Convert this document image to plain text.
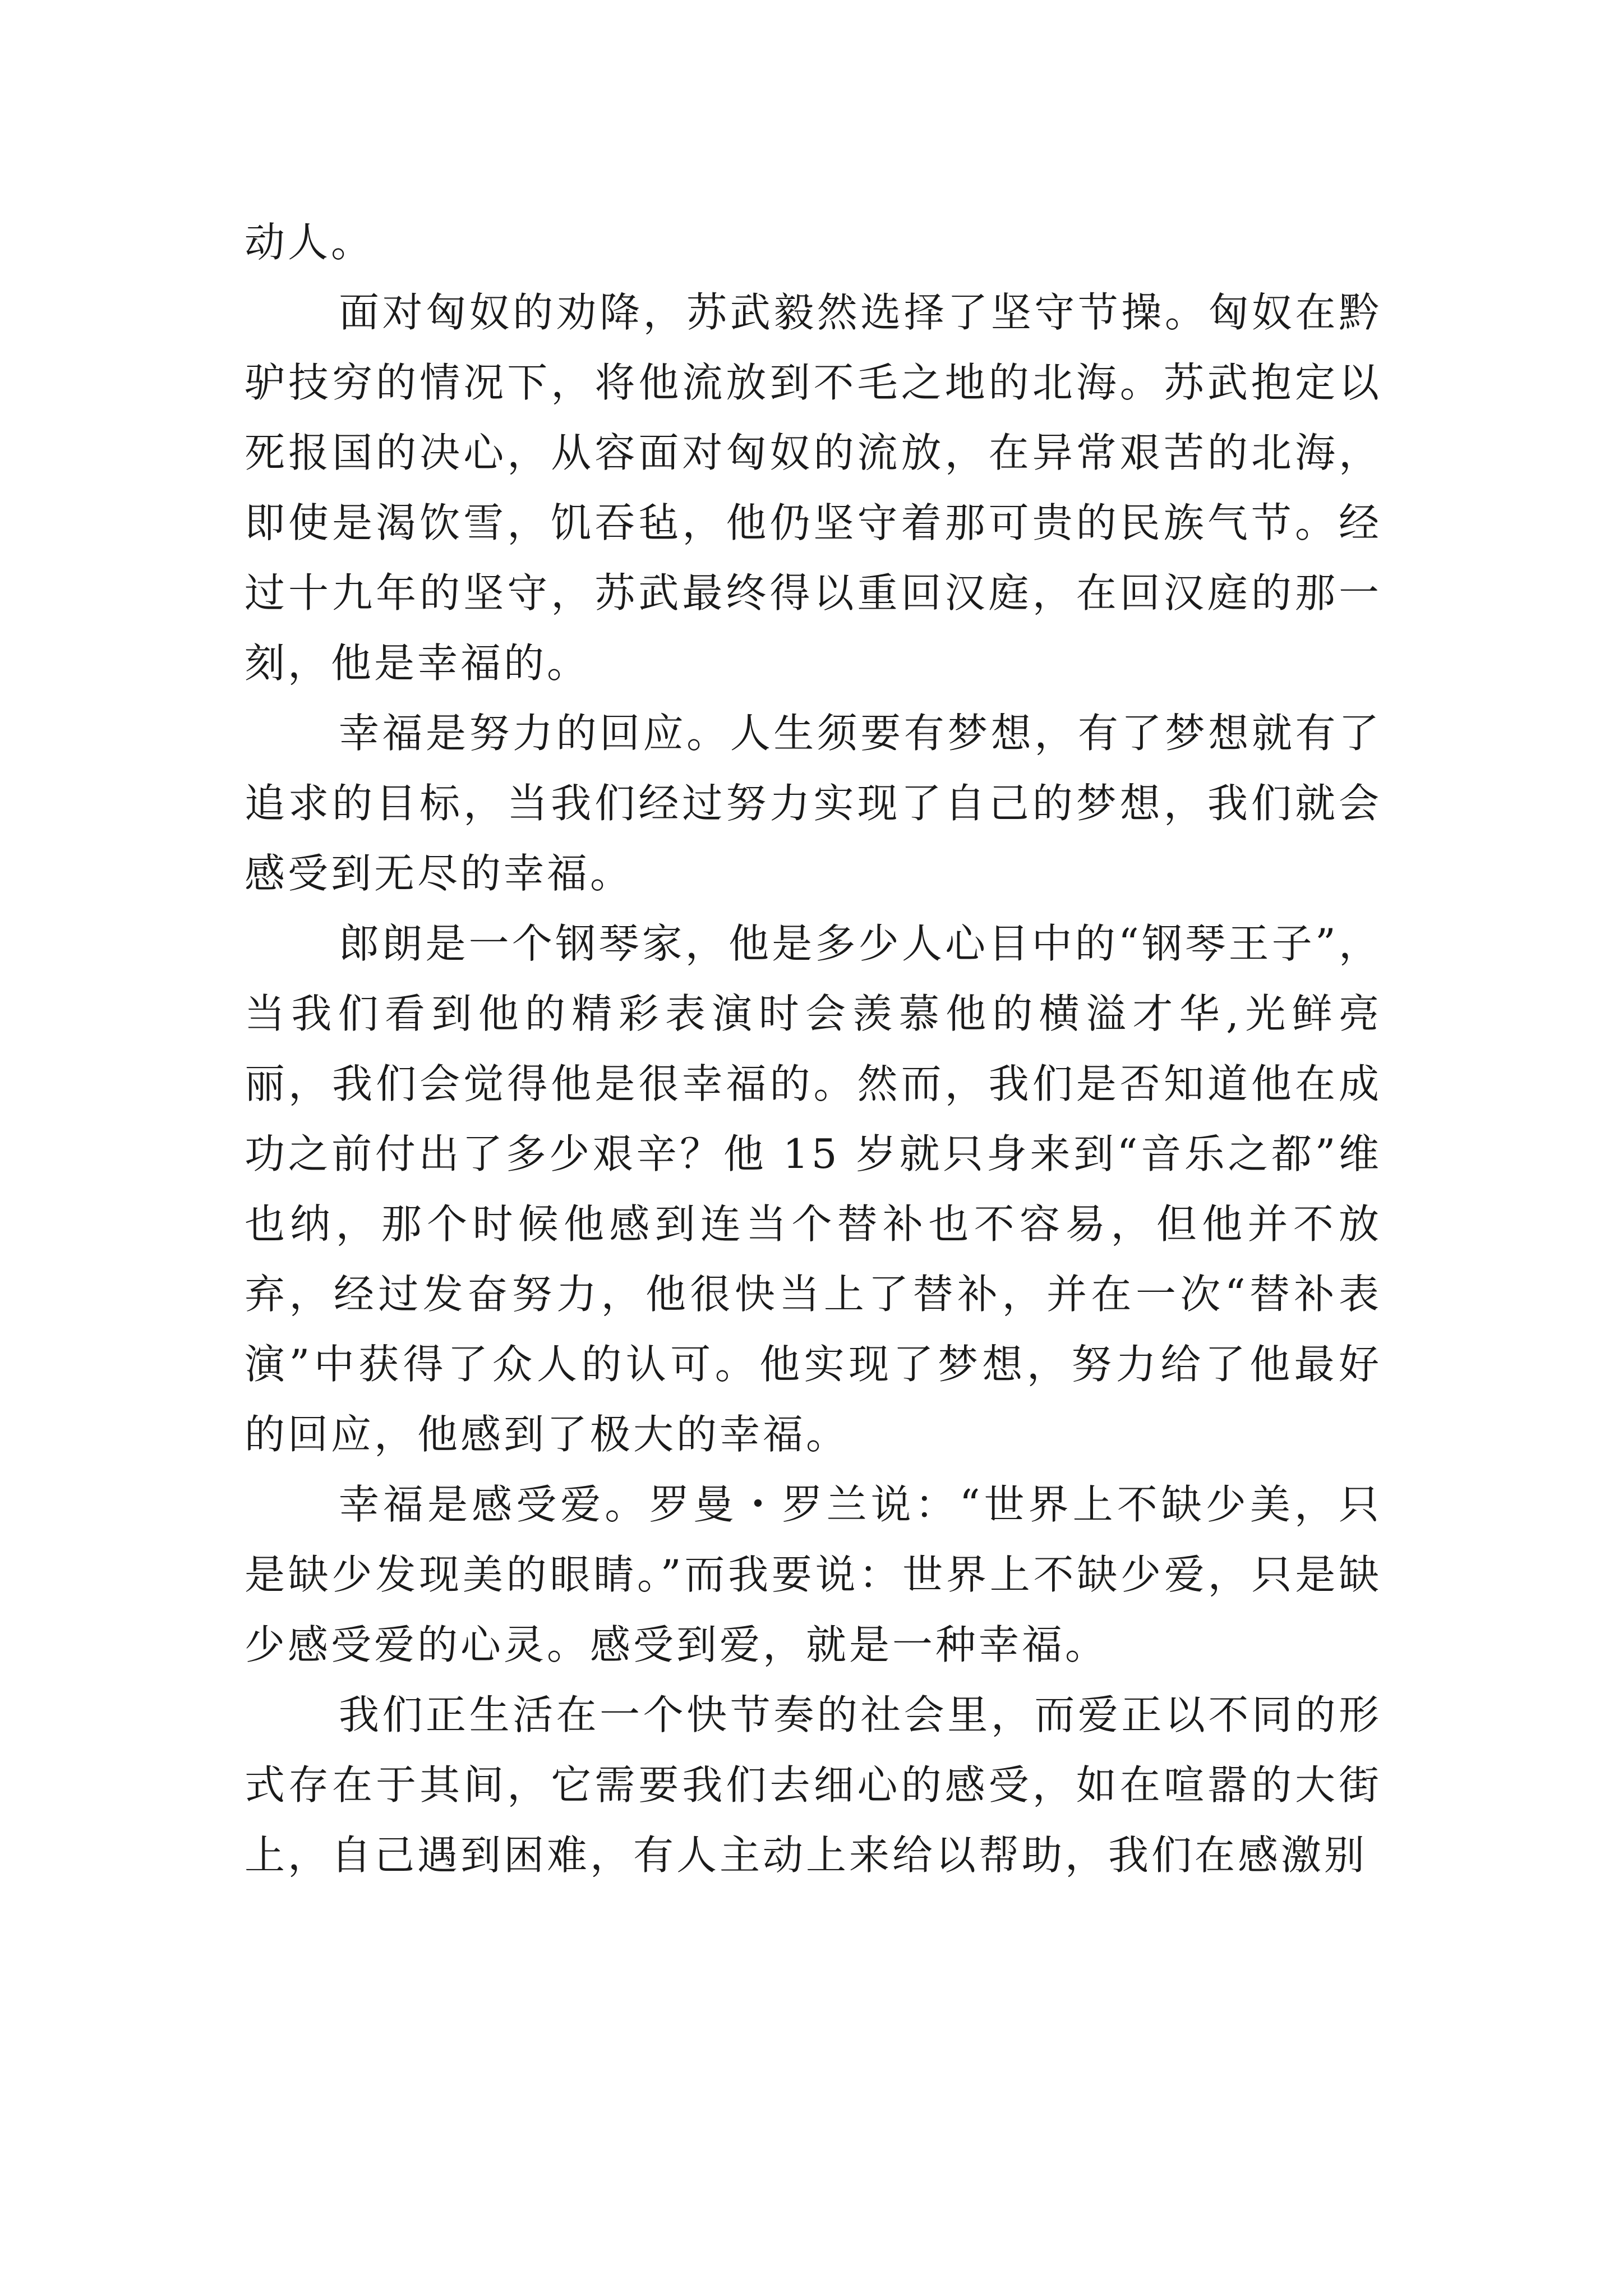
动人。

面对匈奴的劝降，苏武毅然选择了坚守节操。匈奴在黔驴技穷的情况下，将他流放到不毛之地的北海。苏武抱定以死报国的决心，从容面对匈奴的流放，在异常艰苦的北海，即使是渴饮雪，饥吞毡，他仍坚守着那可贵的民族气节。经过十九年的坚守，苏武最终得以重回汉庭，在回汉庭的那一刻，他是幸福的。

幸福是努力的回应。人生须要有梦想，有了梦想就有了追求的目标，当我们经过努力实现了自己的梦想，我们就会感受到无尽的幸福。

郎朗是一个钢琴家，他是多少人心目中的“钢琴王子”，当我们看到他的精彩表演时会羡慕他的横溢才华,光鲜亮丽，我们会觉得他是很幸福的。然而，我们是否知道他在成功之前付出了多少艰辛？他 15 岁就只身来到“音乐之都”维也纳，那个时候他感到连当个替补也不容易，但他并不放弃，经过发奋努力，他很快当上了替补，并在一次“替补表演”中获得了众人的认可。他实现了梦想，努力给了他最好的回应，他感到了极大的幸福。

幸福是感受爱。罗曼・罗兰说：“世界上不缺少美，只是缺少发现美的眼睛。”而我要说：世界上不缺少爱，只是缺少感受爱的心灵。感受到爱，就是一种幸福。

我们正生活在一个快节奏的社会里，而爱正以不同的形式存在于其间，它需要我们去细心的感受，如在喧嚣的大街上，自己遇到困难，有人主动上来给以帮助，我们在感激别
